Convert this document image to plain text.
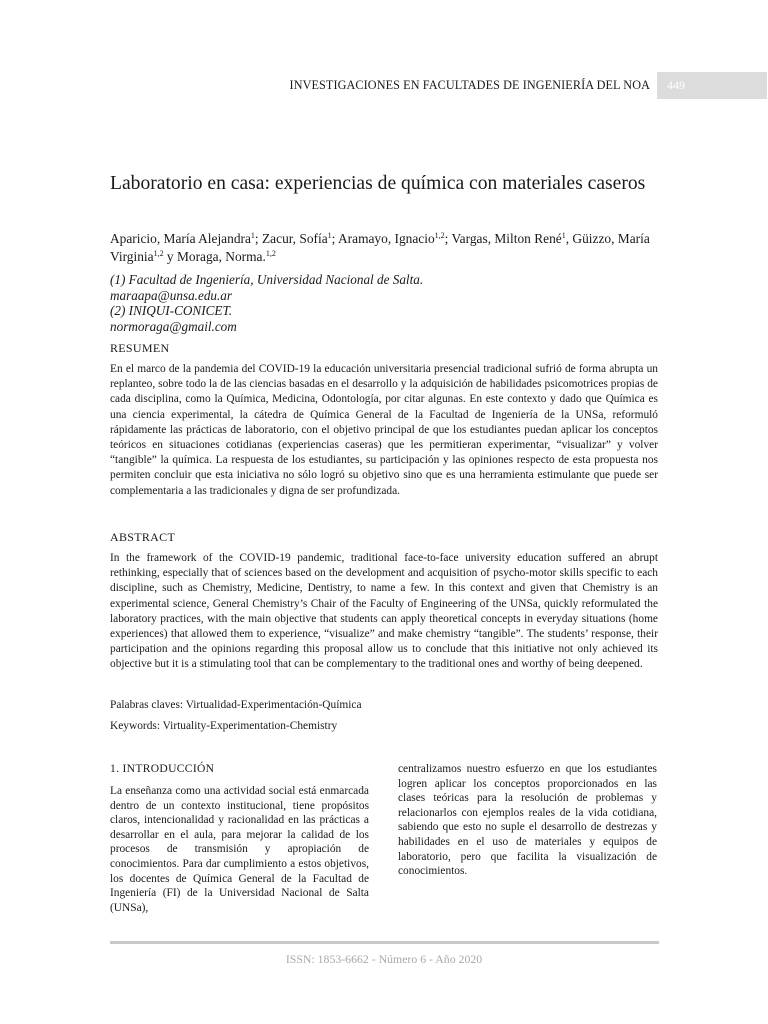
INVESTIGACIONES EN FACULTADES DE INGENIERÍA DEL NOA	449
Laboratorio en casa: experiencias de química con materiales caseros
Aparicio, María Alejandra$^1$; Zacur, Sofía$^1$; Aramayo, Ignacio$^{1,2}$; Vargas, Milton René$^1$, Güizzo, María Virginia$^{1,2}$ y Moraga, Norma.$^{1,2}$
(1) Facultad de Ingeniería, Universidad Nacional de Salta.
maraapa@unsa.edu.ar
(2) INIQUI-CONICET.
normoraga@gmail.com
RESUMEN

En el marco de la pandemia del COVID-19 la educación universitaria presencial tradicional sufrió de forma abrupta un replanteo, sobre todo la de las ciencias basadas en el desarrollo y la adquisición de habilidades psicomotrices propias de cada disciplina, como la Química, Medicina, Odontología, por citar algunas. En este contexto y dado que Química es una ciencia experimental, la cátedra de Química General de la Facultad de Ingeniería de la UNSa, reformuló rápidamente las prácticas de laboratorio, con el objetivo principal de que los estudiantes puedan aplicar los conceptos teóricos en situaciones cotidianas (experiencias caseras) que les permitieran experimentar, “visualizar” y volver “tangible” la química. La respuesta de los estudiantes, su participación y las opiniones respecto de esta propuesta nos permiten concluir que esta iniciativa no sólo logró su objetivo sino que es una herramienta estimulante que puede ser complementaria a las tradicionales y digna de ser profundizada.

ABSTRACT

In the framework of the COVID-19 pandemic, traditional face-to-face university education suffered an abrupt rethinking, especially that of sciences based on the development and acquisition of psycho-motor skills specific to each discipline, such as Chemistry, Medicine, Dentistry, to name a few. In this context and given that Chemistry is an experimental science, General Chemistry’s Chair of the Faculty of Engineering of the UNSa, quickly reformulated the laboratory practices, with the main objective that students can apply theoretical concepts in everyday situations (home experiences) that allowed them to experience, “visualize” and make chemistry “tangible”. The students’ response, their participation and the opinions regarding this proposal allow us to conclude that this initiative not only achieved its objective but it is a stimulating tool that can be complementary to the traditional ones and worthy of being deepened.

Palabras claves: Virtualidad-Experimentación-Química
Keywords: Virtuality-Experimentation-Chemistry
1. INTRODUCCIÓN

La enseñanza como una actividad social está enmarcada dentro de un contexto institucional, tiene propósitos claros, intencionalidad y racionalidad en las prácticas a desarrollar en el aula, para mejorar la calidad de los procesos de transmisión y apropiación de conocimientos. Para dar cumplimiento a estos objetivos, los docentes de Química General de la Facultad de Ingeniería (FI) de la Universidad Nacional de Salta (UNSa),

centralizamos nuestro esfuerzo en que los estudiantes logren aplicar los conceptos proporcionados en las clases teóricas para la resolución de problemas y relacionarlos con ejemplos reales de la vida cotidiana, sabiendo que esto no suple el desarrollo de destrezas y habilidades en el uso de materiales y equipos de laboratorio, pero que facilita la visualización de conocimientos.

ISSN: 1853-6662 - Número 6 - Año 2020
